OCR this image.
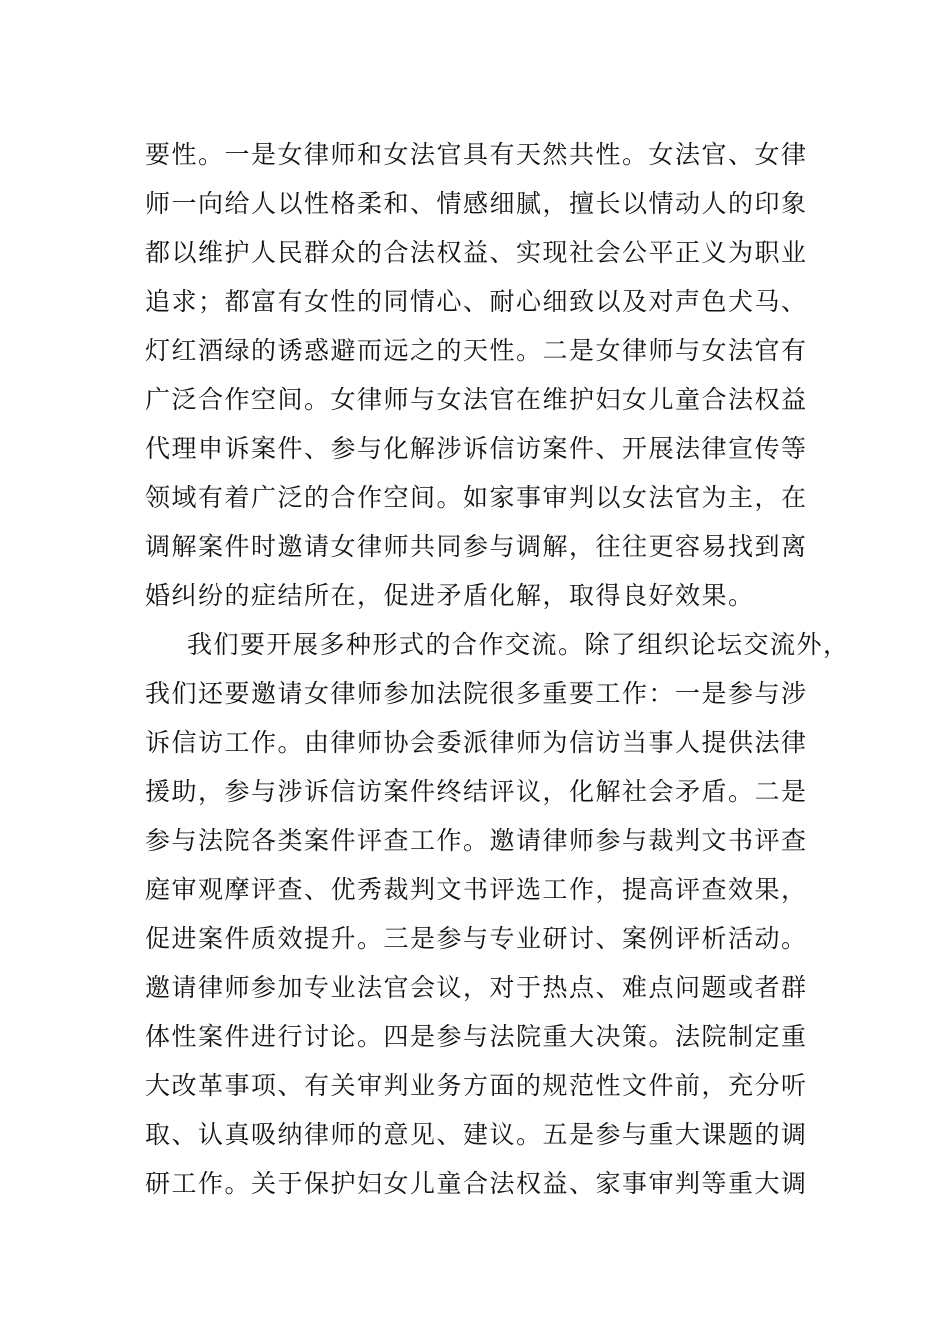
要性。一是女律师和女法官具有天然共性。女法官、女律
师一向给人以性格柔和、情感细腻，擅长以情动人的印象
都以维护人民群众的合法权益、实现社会公平正义为职业
追求；都富有女性的同情心、耐心细致以及对声色犬马、
灯红酒绿的诱惑避而远之的天性。二是女律师与女法官有
广泛合作空间。女律师与女法官在维护妇女儿童合法权益
代理申诉案件、参与化解涉诉信访案件、开展法律宣传等
领域有着广泛的合作空间。如家事审判以女法官为主，在
调解案件时邀请女律师共同参与调解，往往更容易找到离
婚纠纷的症结所在，促进矛盾化解，取得良好效果。
我们要开展多种形式的合作交流。除了组织论坛交流外，
我们还要邀请女律师参加法院很多重要工作：一是参与涉
诉信访工作。由律师协会委派律师为信访当事人提供法律
援助，参与涉诉信访案件终结评议，化解社会矛盾。二是
参与法院各类案件评查工作。邀请律师参与裁判文书评查
庭审观摩评查、优秀裁判文书评选工作，提高评查效果，
促进案件质效提升。三是参与专业研讨、案例评析活动。
邀请律师参加专业法官会议，对于热点、难点问题或者群
体性案件进行讨论。四是参与法院重大决策。法院制定重
大改革事项、有关审判业务方面的规范性文件前，充分听
取、认真吸纳律师的意见、建议。五是参与重大课题的调
研工作。关于保护妇女儿童合法权益、家事审判等重大调
